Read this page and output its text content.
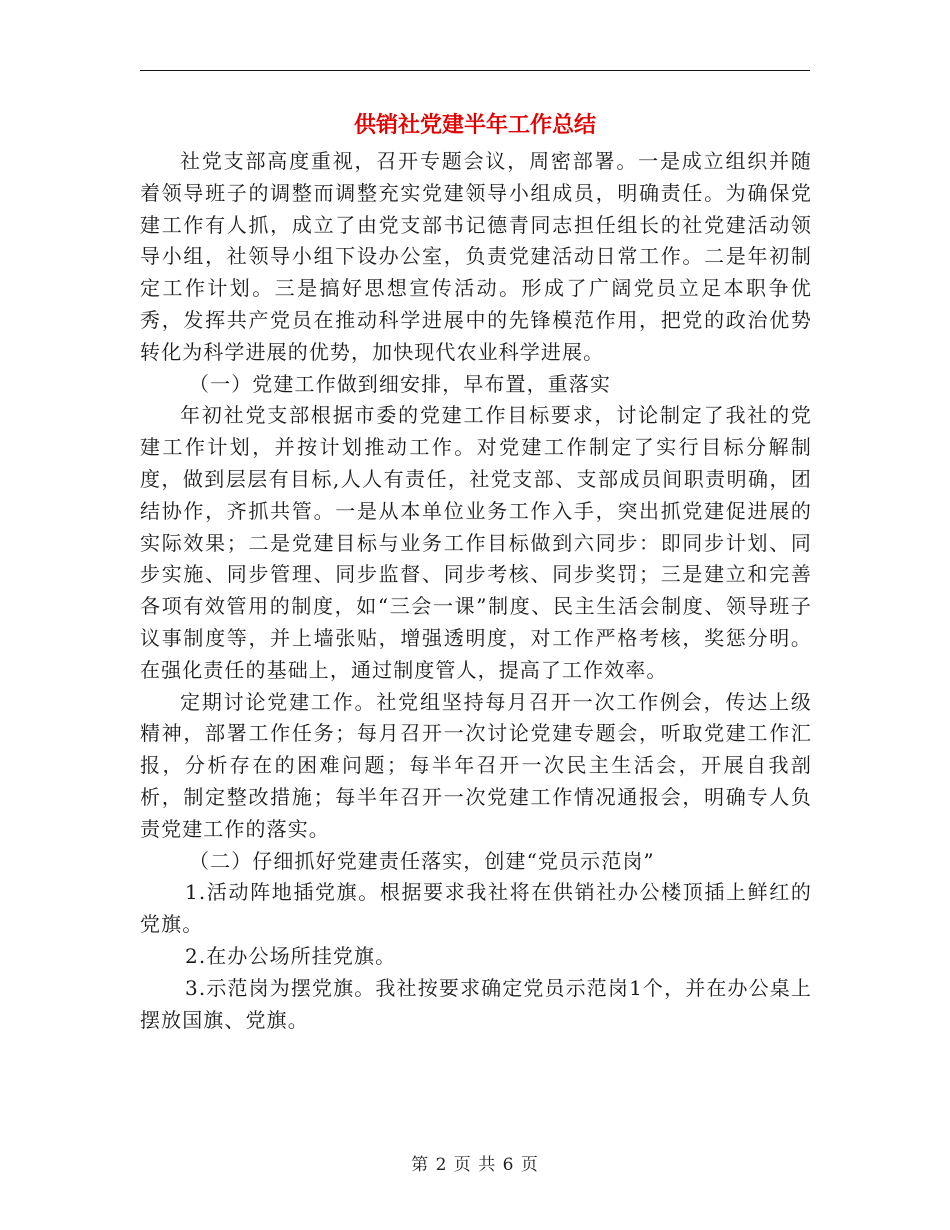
供销社党建半年工作总结

社党支部高度重视，召开专题会议，周密部署。一是成立组织并随着领导班子的调整而调整充实党建领导小组成员，明确责任。为确保党建工作有人抓，成立了由党支部书记德青同志担任组长的社党建活动领导小组，社领导小组下设办公室，负责党建活动日常工作。二是年初制定工作计划。三是搞好思想宣传活动。形成了广阔党员立足本职争优秀，发挥共产党员在推动科学进展中的先锋模范作用，把党的政治优势转化为科学进展的优势，加快现代农业科学进展。

（一）党建工作做到细安排，早布置，重落实

年初社党支部根据市委的党建工作目标要求，讨论制定了我社的党建工作计划，并按计划推动工作。对党建工作制定了实行目标分解制度，做到层层有目标,人人有责任，社党支部、支部成员间职责明确，团结协作，齐抓共管。一是从本单位业务工作入手，突出抓党建促进展的实际效果；二是党建目标与业务工作目标做到六同步：即同步计划、同步实施、同步管理、同步监督、同步考核、同步奖罚；三是建立和完善各项有效管用的制度，如“三会一课”制度、民主生活会制度、领导班子议事制度等，并上墙张贴，增强透明度，对工作严格考核，奖惩分明。在强化责任的基础上，通过制度管人，提高了工作效率。

定期讨论党建工作。社党组坚持每月召开一次工作例会，传达上级精神，部署工作任务；每月召开一次讨论党建专题会，听取党建工作汇报，分析存在的困难问题；每半年召开一次民主生活会，开展自我剖析，制定整改措施；每半年召开一次党建工作情况通报会，明确专人负责党建工作的落实。

（二）仔细抓好党建责任落实，创建“党员示范岗”

1.活动阵地插党旗。根据要求我社将在供销社办公楼顶插上鲜红的党旗。

2.在办公场所挂党旗。

3.示范岗为摆党旗。我社按要求确定党员示范岗1个，并在办公桌上摆放国旗、党旗。

第 2 页 共 6 页
